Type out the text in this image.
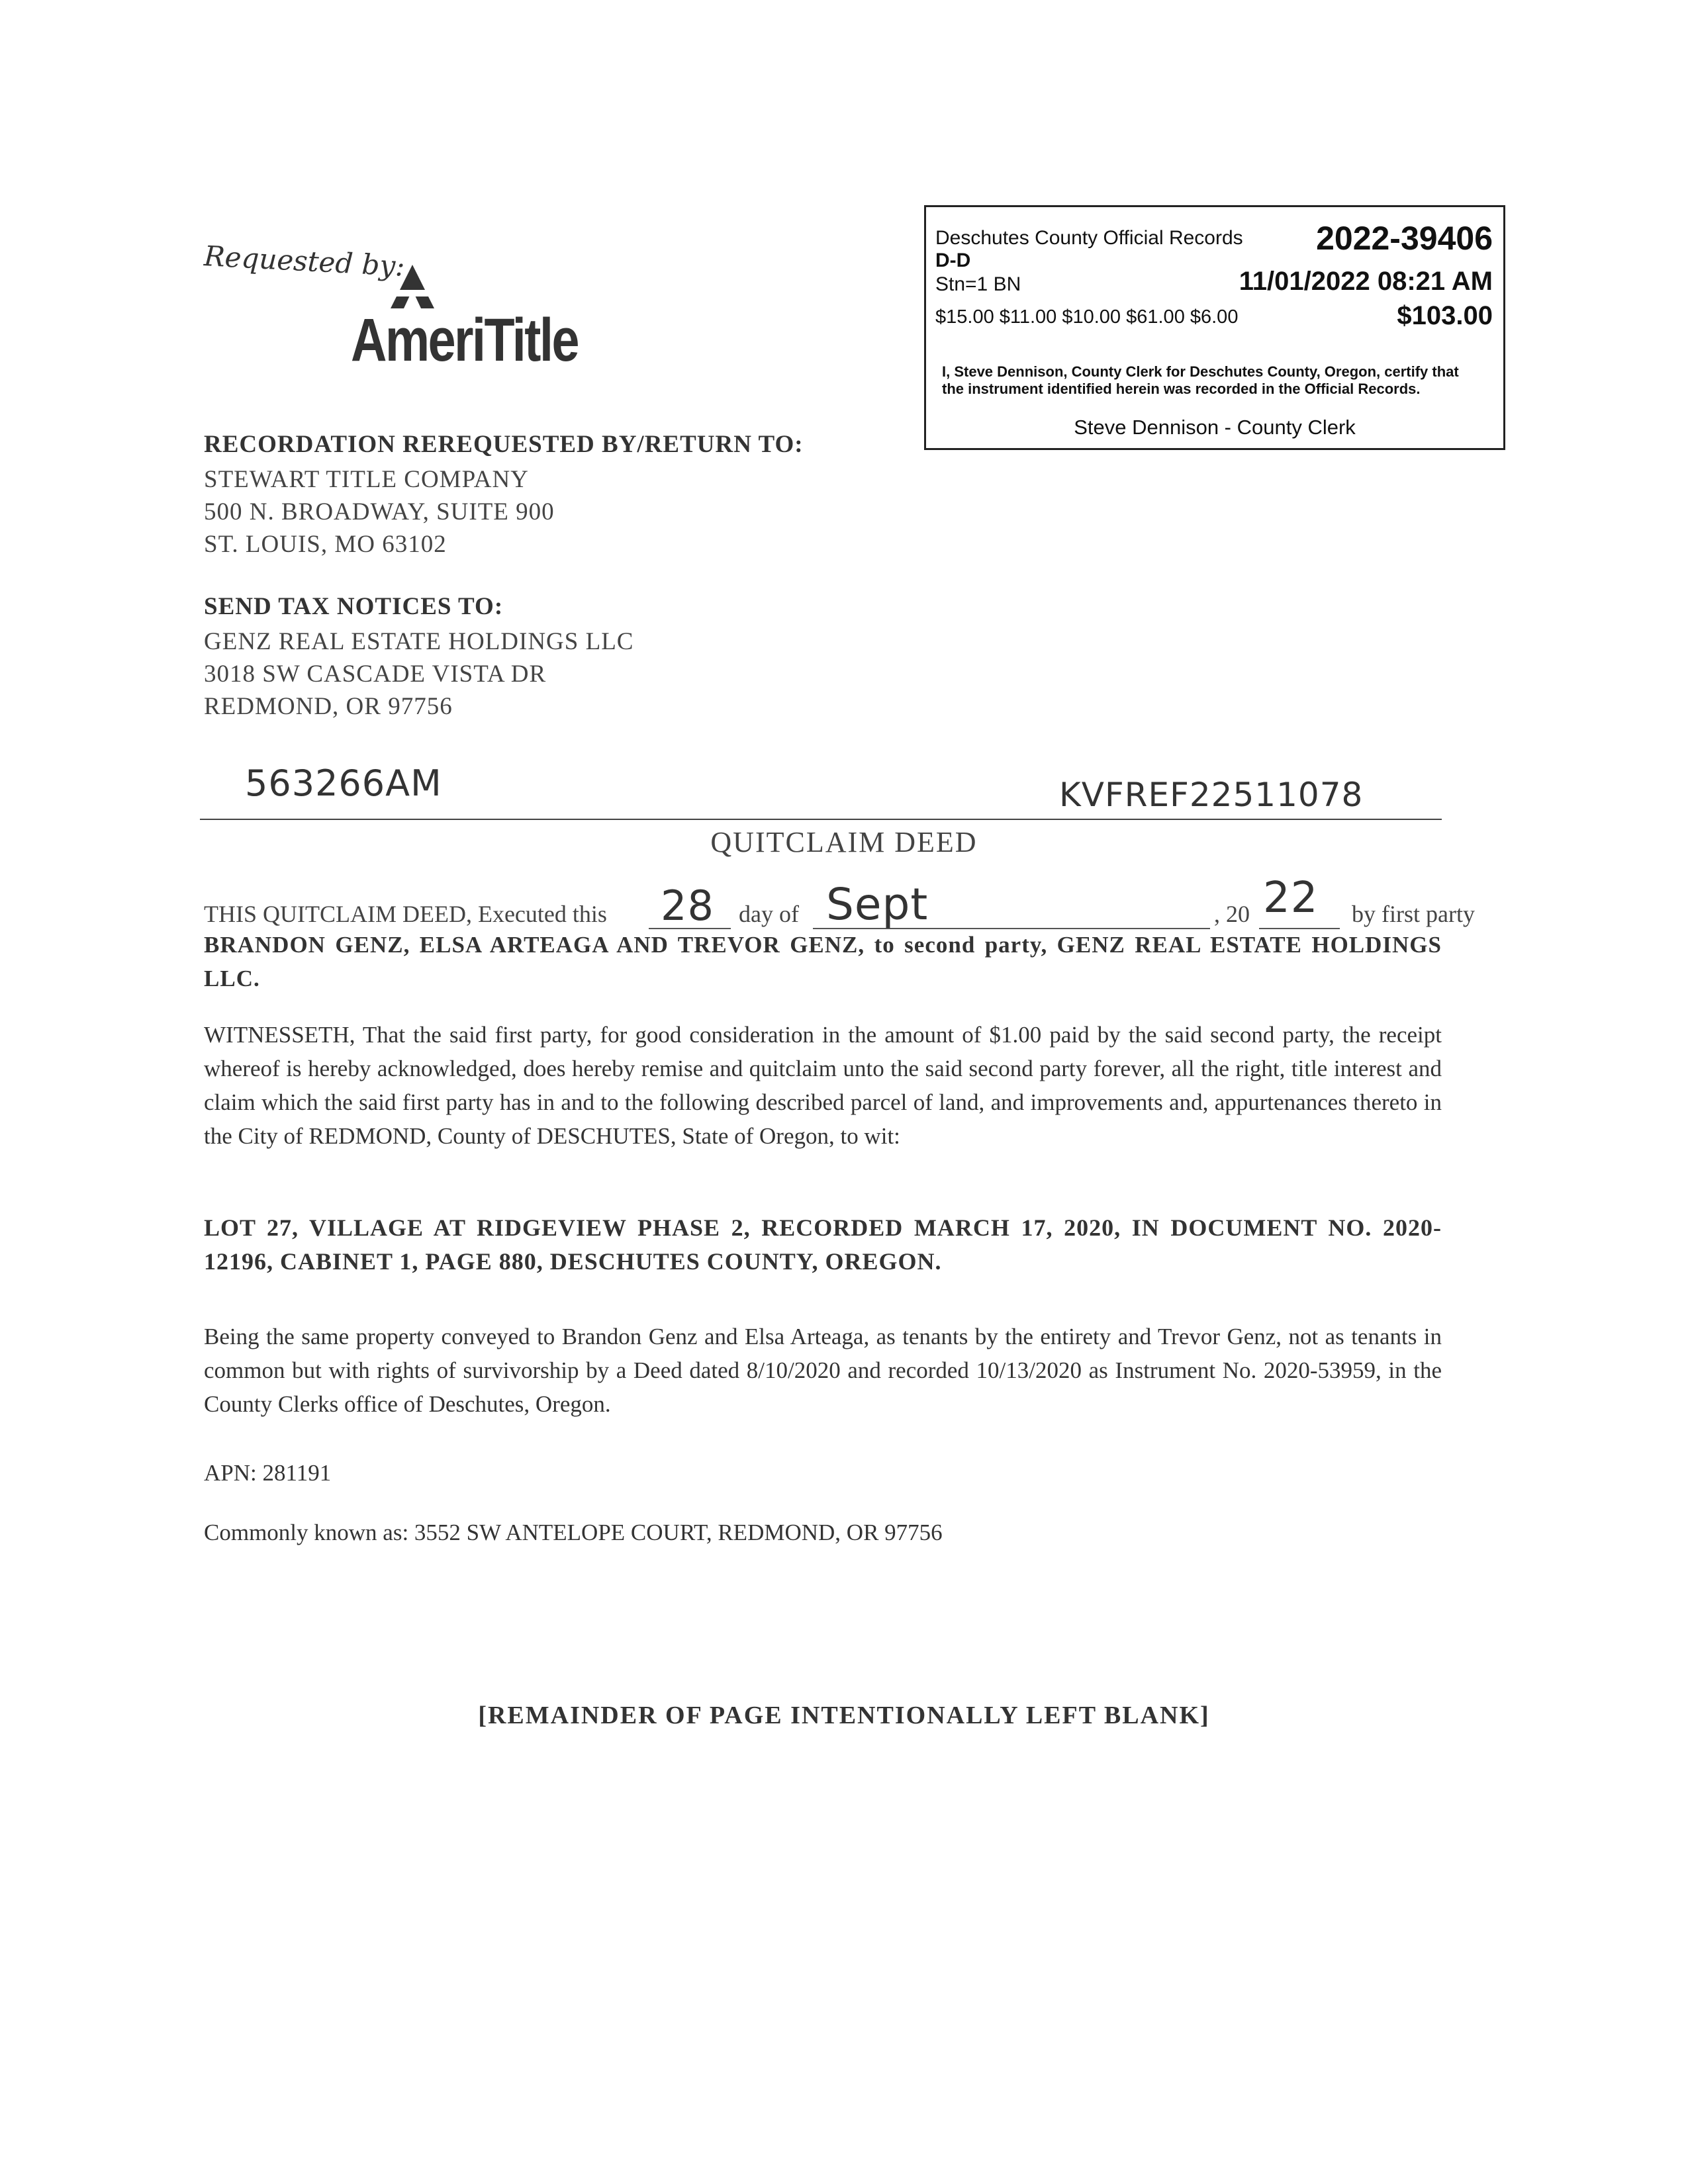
Deschutes County Official Records 2022-39406
D-D
Stn=1 BN	11/01/2022 08:21 AM
$15.00 $11.00 $10.00 $61.00 $6.00	$103.00
I, Steve Dennison, County Clerk for Deschutes County, Oregon, certify that the instrument identified herein was recorded in the Official Records.
Steve Dennison - County Clerk
Requested by:
AmeriTitle
RECORDATION REREQUESTED BY/RETURN TO:
STEWART TITLE COMPANY
500 N. BROADWAY, SUITE 900
ST. LOUIS, MO 63102
SEND TAX NOTICES TO:
GENZ REAL ESTATE HOLDINGS LLC
3018 SW CASCADE VISTA DR
REDMOND, OR 97756
563266AM	KVFREF22511078
QUITCLAIM DEED
THIS QUITCLAIM DEED, Executed this 28 day of Sept	, 20 22 by first party
BRANDON GENZ, ELSA ARTEAGA AND TREVOR GENZ, to second party, GENZ REAL ESTATE HOLDINGS LLC.
WITNESSETH, That the said first party, for good consideration in the amount of $1.00 paid by the said second party, the receipt whereof is hereby acknowledged, does hereby remise and quitclaim unto the said second party forever, all the right, title interest and claim which the said first party has in and to the following described parcel of land, and improvements and, appurtenances thereto in the City of REDMOND, County of DESCHUTES, State of Oregon, to wit:
LOT 27, VILLAGE AT RIDGEVIEW PHASE 2, RECORDED MARCH 17, 2020, IN DOCUMENT NO. 2020-12196, CABINET 1, PAGE 880, DESCHUTES COUNTY, OREGON.
Being the same property conveyed to Brandon Genz and Elsa Arteaga, as tenants by the entirety and Trevor Genz, not as tenants in common but with rights of survivorship by a Deed dated 8/10/2020 and recorded 10/13/2020 as Instrument No. 2020-53959, in the County Clerks office of Deschutes, Oregon.
APN: 281191
Commonly known as: 3552 SW ANTELOPE COURT, REDMOND, OR 97756
[REMAINDER OF PAGE INTENTIONALLY LEFT BLANK]
